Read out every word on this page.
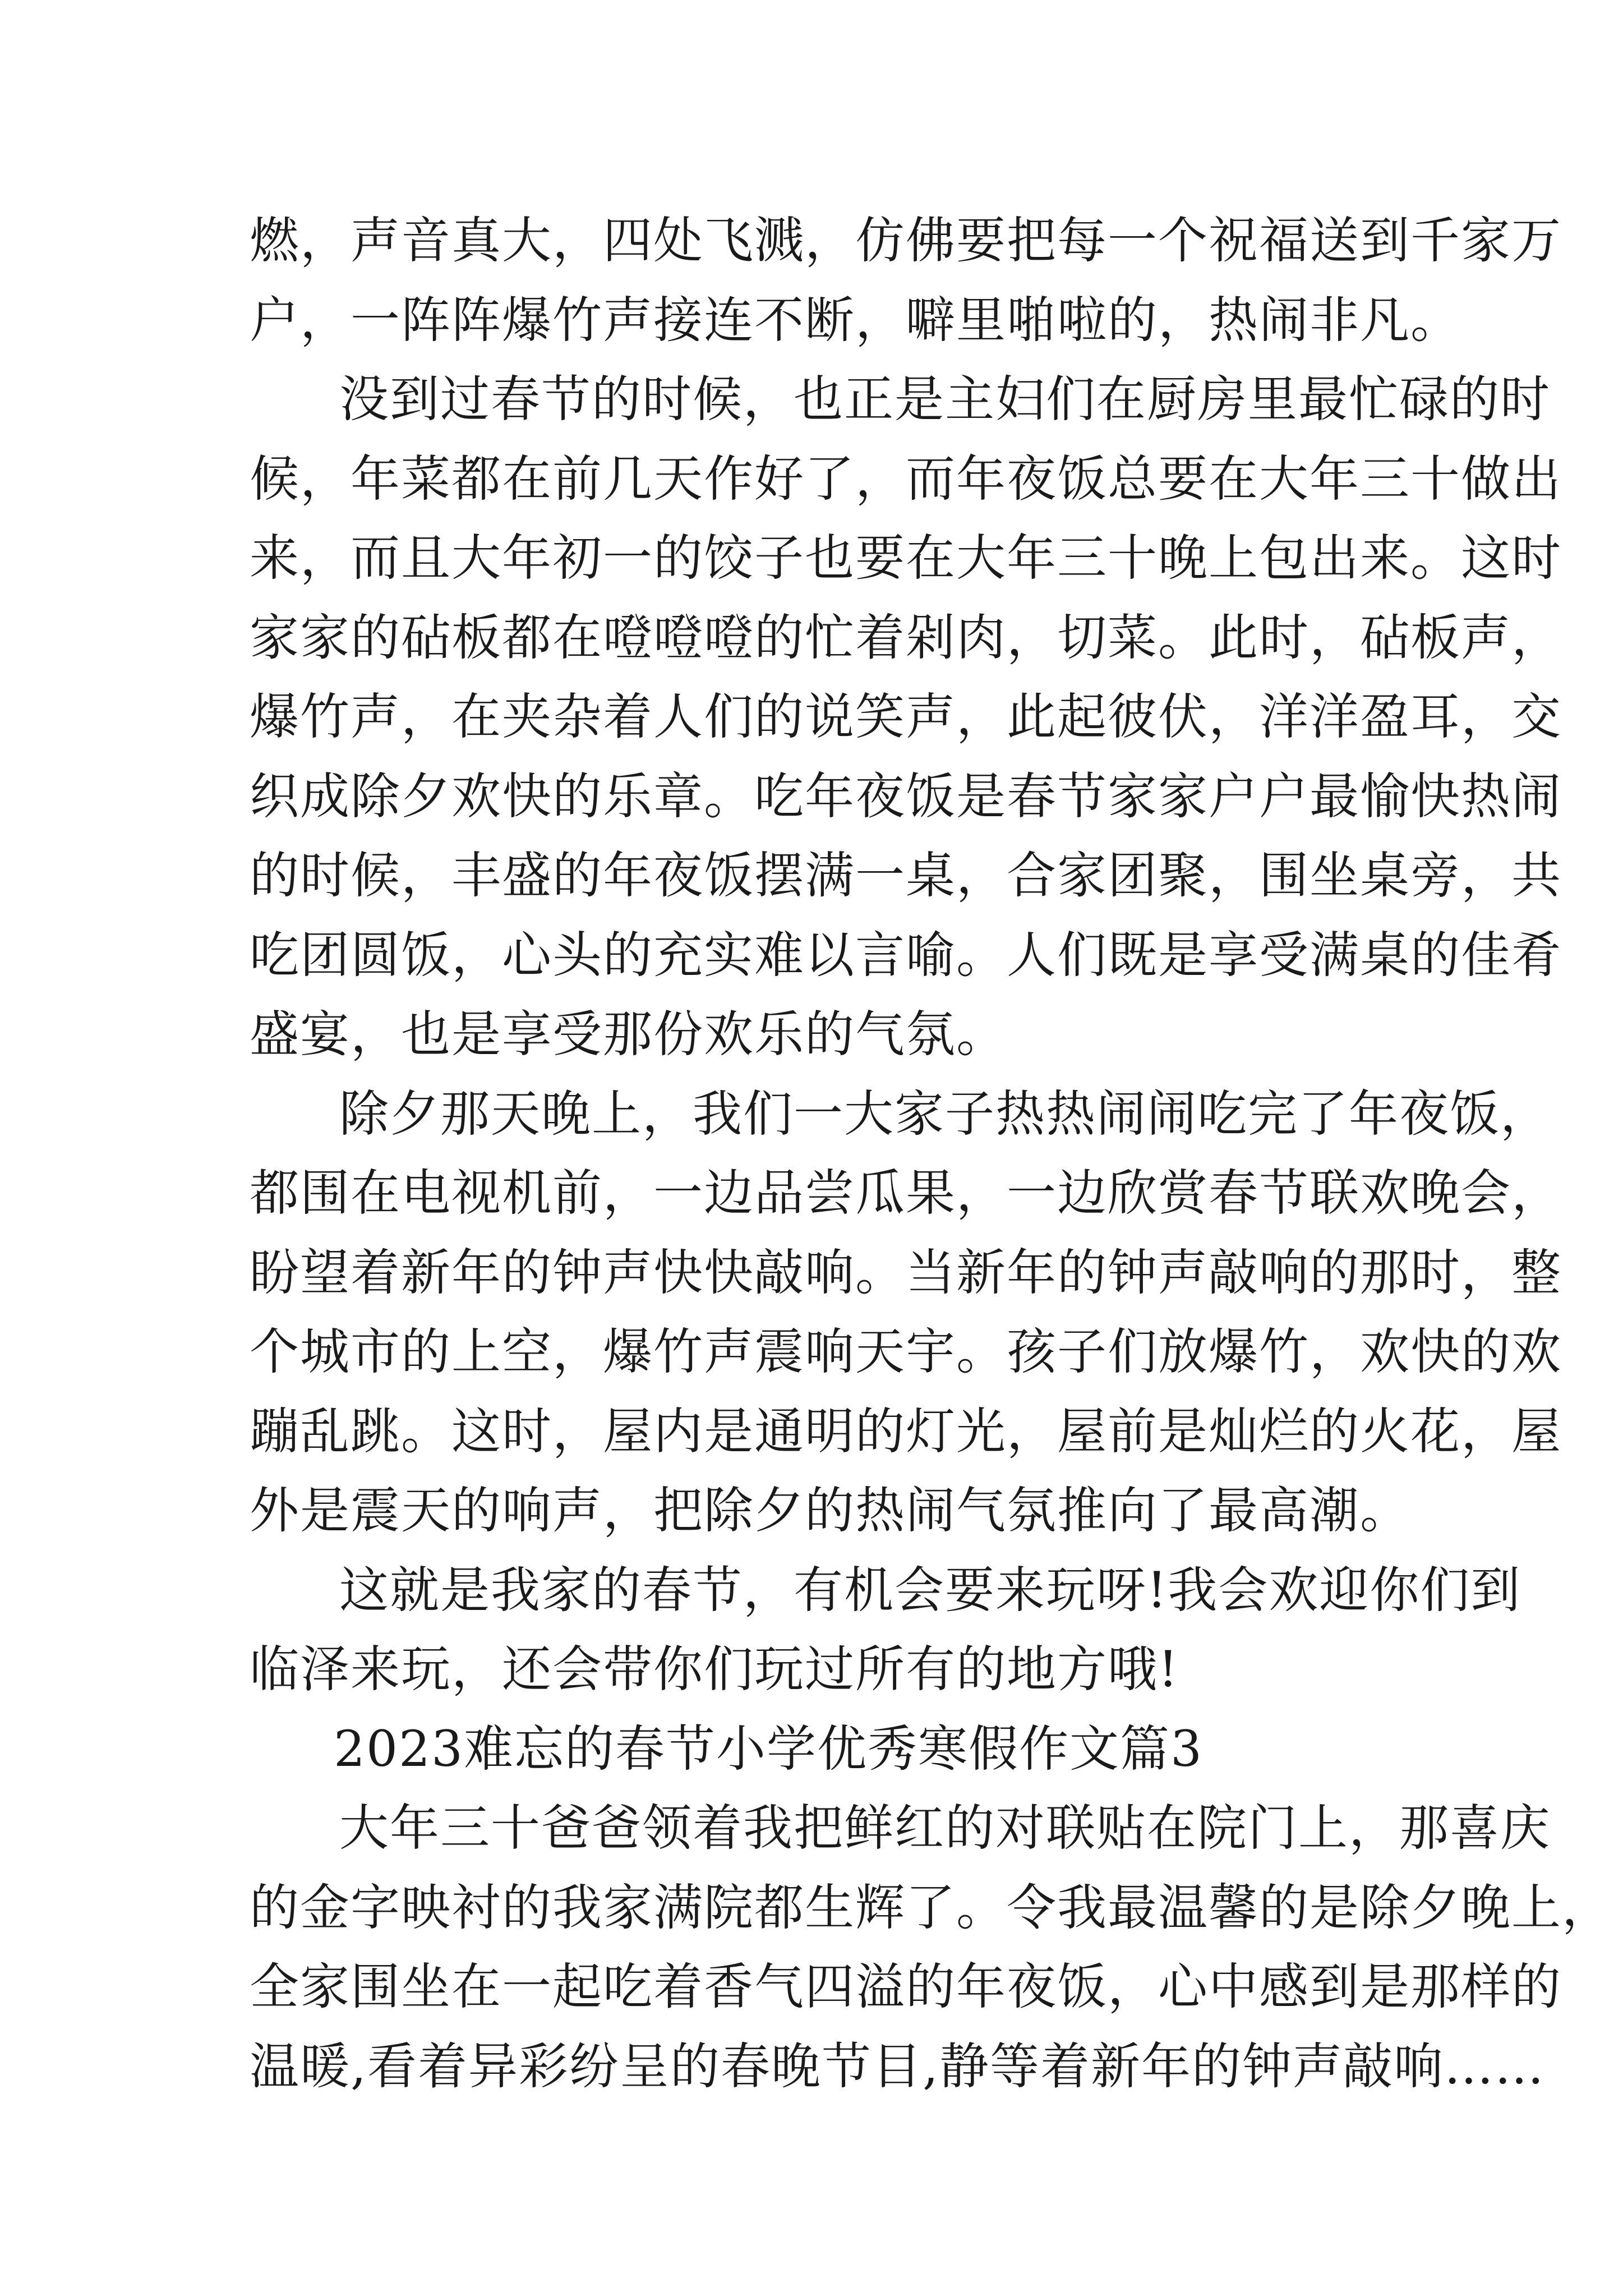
燃，声音真大，四处飞溅，仿佛要把每一个祝福送到千家万
户，一阵阵爆竹声接连不断，噼里啪啦的，热闹非凡。
没到过春节的时候，也正是主妇们在厨房里最忙碌的时
候，年菜都在前几天作好了，而年夜饭总要在大年三十做出
来，而且大年初一的饺子也要在大年三十晚上包出来。这时
家家的砧板都在噔噔噔的忙着剁肉，切菜。此时，砧板声，
爆竹声，在夹杂着人们的说笑声，此起彼伏，洋洋盈耳，交
织成除夕欢快的乐章。吃年夜饭是春节家家户户最愉快热闹
的时候，丰盛的年夜饭摆满一桌，合家团聚，围坐桌旁，共
吃团圆饭，心头的充实难以言喻。人们既是享受满桌的佳肴
盛宴，也是享受那份欢乐的气氛。
除夕那天晚上，我们一大家子热热闹闹吃完了年夜饭，
都围在电视机前，一边品尝瓜果，一边欣赏春节联欢晚会，
盼望着新年的钟声快快敲响。当新年的钟声敲响的那时，整
个城市的上空，爆竹声震响天宇。孩子们放爆竹，欢快的欢
蹦乱跳。这时，屋内是通明的灯光，屋前是灿烂的火花，屋
外是震天的响声，把除夕的热闹气氛推向了最高潮。
这就是我家的春节，有机会要来玩呀!我会欢迎你们到
临泽来玩，还会带你们玩过所有的地方哦!
2023难忘的春节小学优秀寒假作文篇3
大年三十爸爸领着我把鲜红的对联贴在院门上，那喜庆
的金字映衬的我家满院都生辉了。令我最温馨的是除夕晚上，
全家围坐在一起吃着香气四溢的年夜饭，心中感到是那样的
温暖,看着异彩纷呈的春晚节目,静等着新年的钟声敲响……
